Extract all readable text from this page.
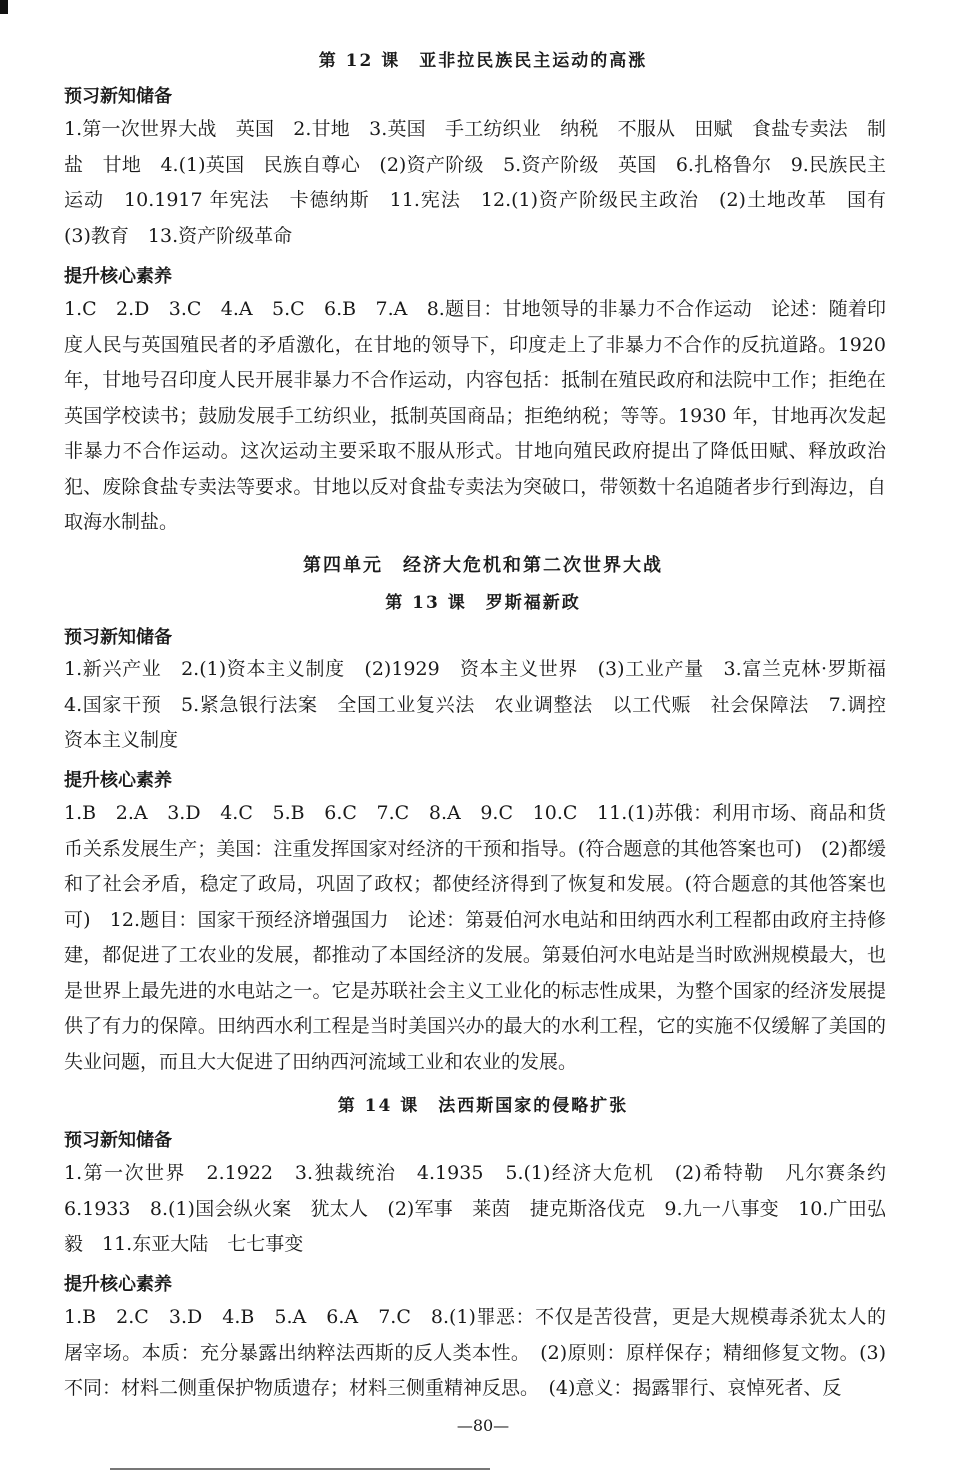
第 12 课　亚非拉民族民主运动的高涨
预习新知储备
1.第一次世界大战　英国　2.甘地　3.英国　手工纺织业　纳税　不服从　田赋　食盐专卖法　制盐　甘地　4.(1)英国　民族自尊心　(2)资产阶级　5.资产阶级　英国　6.扎格鲁尔　9.民族民主运动　10.1917 年宪法　卡德纳斯　11.宪法　12.(1)资产阶级民主政治　(2)土地改革　国有　(3)教育　13.资产阶级革命
提升核心素养
1.C　2.D　3.C　4.A　5.C　6.B　7.A　8.题目：甘地领导的非暴力不合作运动　论述：随着印度人民与英国殖民者的矛盾激化，在甘地的领导下，印度走上了非暴力不合作的反抗道路。1920 年，甘地号召印度人民开展非暴力不合作运动，内容包括：抵制在殖民政府和法院中工作；拒绝在英国学校读书；鼓励发展手工纺织业，抵制英国商品；拒绝纳税；等等。1930 年，甘地再次发起非暴力不合作运动。这次运动主要采取不服从形式。甘地向殖民政府提出了降低田赋、释放政治犯、废除食盐专卖法等要求。甘地以反对食盐专卖法为突破口，带领数十名追随者步行到海边，自取海水制盐。
第四单元　经济大危机和第二次世界大战
第 13 课　罗斯福新政
预习新知储备
1.新兴产业　2.(1)资本主义制度　(2)1929　资本主义世界　(3)工业产量　3.富兰克林·罗斯福　4.国家干预　5.紧急银行法案　全国工业复兴法　农业调整法　以工代赈　社会保障法　7.调控　资本主义制度
提升核心素养
1.B　2.A　3.D　4.C　5.B　6.C　7.C　8.A　9.C　10.C　11.(1)苏俄：利用市场、商品和货币关系发展生产；美国：注重发挥国家对经济的干预和指导。(符合题意的其他答案也可)　(2)都缓和了社会矛盾，稳定了政局，巩固了政权；都使经济得到了恢复和发展。(符合题意的其他答案也可)　12.题目：国家干预经济增强国力　论述：第聂伯河水电站和田纳西水利工程都由政府主持修建，都促进了工农业的发展，都推动了本国经济的发展。第聂伯河水电站是当时欧洲规模最大，也是世界上最先进的水电站之一。它是苏联社会主义工业化的标志性成果，为整个国家的经济发展提供了有力的保障。田纳西水利工程是当时美国兴办的最大的水利工程，它的实施不仅缓解了美国的失业问题，而且大大促进了田纳西河流域工业和农业的发展。
第 14 课　法西斯国家的侵略扩张
预习新知储备
1.第一次世界　2.1922　3.独裁统治　4.1935　5.(1)经济大危机　(2)希特勒　凡尔赛条约　6.1933　8.(1)国会纵火案　犹太人　(2)军事　莱茵　捷克斯洛伐克　9.九一八事变　10.广田弘毅　11.东亚大陆　七七事变
提升核心素养
1.B　2.C　3.D　4.B　5.A　6.A　7.C　8.(1)罪恶：不仅是苦役营，更是大规模毒杀犹太人的屠宰场。本质：充分暴露出纳粹法西斯的反人类本性。　(2)原则：原样保存；精细修复文物。(3)不同：材料二侧重保护物质遗存；材料三侧重精神反思。　(4)意义：揭露罪行、哀悼死者、反
—80—
